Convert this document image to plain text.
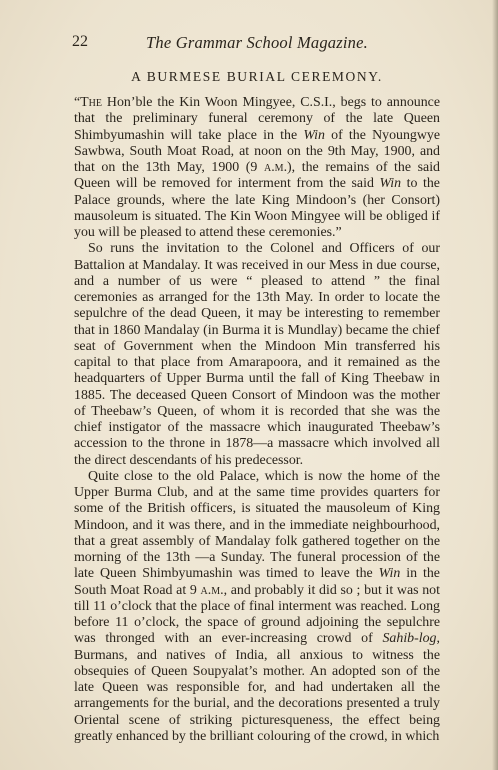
22	The Grammar School Magazine.
A BURMESE BURIAL CEREMONY.

“The Hon’ble the Kin Woon Mingyee, C.S.I., begs to announce that the preliminary funeral ceremony of the late Queen Shimbyumashin will take place in the Win of the Nyoungwye Sawbwa, South Moat Road, at noon on the 9th May, 1900, and that on the 13th May, 1900 (9 a.m.), the remains of the said Queen will be removed for interment from the said Win to the Palace grounds, where the late King Mindoon’s (her Consort) mausoleum is situated. The Kin Woon Mingyee will be obliged if you will be pleased to attend these ceremonies.”

So runs the invitation to the Colonel and Officers of our Battalion at Mandalay. It was received in our Mess in due course, and a number of us were “ pleased to attend ” the final ceremonies as arranged for the 13th May. In order to locate the sepulchre of the dead Queen, it may be interesting to remember that in 1860 Mandalay (in Burma it is Mundlay) became the chief seat of Government when the Mindoon Min transferred his capital to that place from Amarapoora, and it remained as the headquarters of Upper Burma until the fall of King Theebaw in 1885. The deceased Queen Consort of Mindoon was the mother of Theebaw’s Queen, of whom it is recorded that she was the chief instigator of the massacre which inaugurated Theebaw’s accession to the throne in 1878—a massacre which involved all the direct descendants of his predecessor.

Quite close to the old Palace, which is now the home of the Upper Burma Club, and at the same time provides quarters for some of the British officers, is situated the mausoleum of King Mindoon, and it was there, and in the immediate neighbourhood, that a great assembly of Mandalay folk gathered together on the morning of the 13th —a Sunday. The funeral procession of the late Queen Shimbyumashin was timed to leave the Win in the South Moat Road at 9 a.m., and probably it did so ; but it was not till 11 o’clock that the place of final interment was reached. Long before 11 o’clock, the space of ground adjoining the sepulchre was thronged with an ever-increasing crowd of Sahib-log, Burmans, and natives of India, all anxious to witness the obsequies of Queen Soupyalat’s mother. An adopted son of the late Queen was responsible for, and had undertaken all the arrangements for the burial, and the decorations presented a truly Oriental scene of striking picturesqueness, the effect being greatly enhanced by the brilliant colouring of the crowd, in which
